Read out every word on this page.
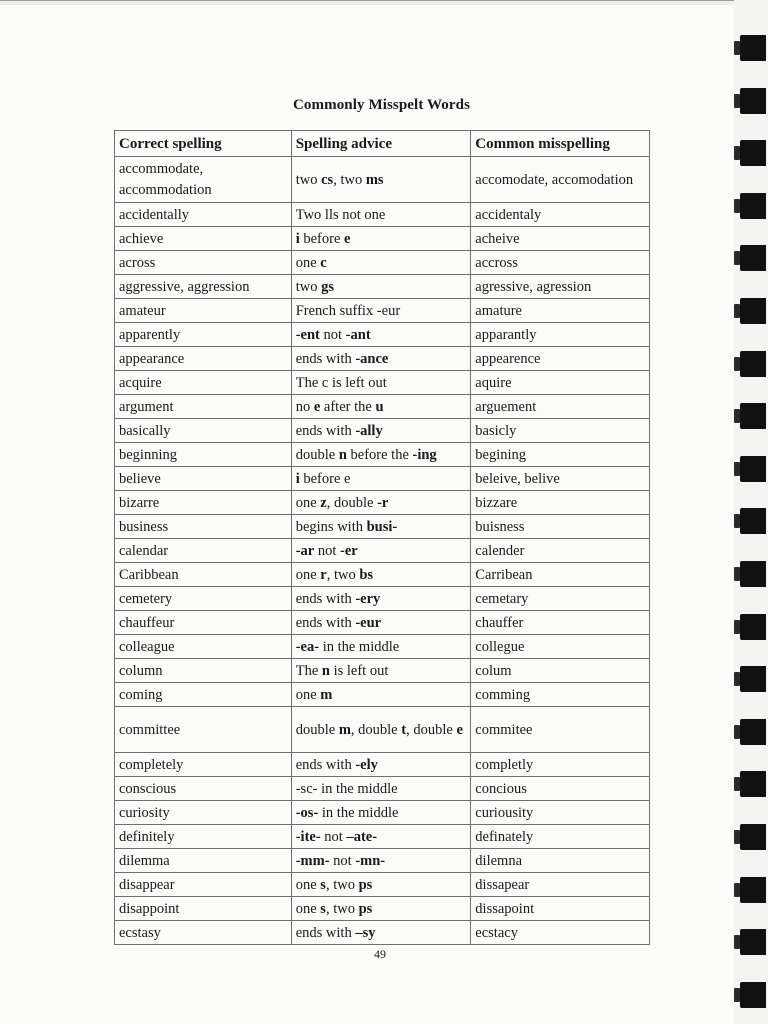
Commonly Misspelt Words
Correct spelling	Spelling advice	Common misspelling
accommodate, accommodation	two cs, two ms	accomodate, accomodation
accidentally	Two lls not one	accidentaly
achieve	i before e	acheive
across	one c	accross
aggressive, aggression	two gs	agressive, agression
amateur	French suffix -eur	amature
apparently	-ent not -ant	apparantly
appearance	ends with -ance	appearence
acquire	The c is left out	aquire
argument	no e after the u	arguement
basically	ends with -ally	basicly
beginning	double n before the -ing	begining
believe	i before e	beleive, belive
bizarre	one z, double -r	bizzare
business	begins with busi-	buisness
calendar	-ar not -er	calender
Caribbean	one r, two bs	Carribean
cemetery	ends with -ery	cemetary
chauffeur	ends with -eur	chauffer
colleague	-ea- in the middle	collegue
column	The n is left out	colum
coming	one m	comming
committee	double m, double t, double e	commitee
completely	ends with -ely	completly
conscious	-sc- in the middle	concious
curiosity	-os- in the middle	curiousity
definitely	-ite- not –ate-	definately
dilemma	-mm- not -mn-	dilemna
disappear	one s, two ps	dissapear
disappoint	one s, two ps	dissapoint
ecstasy	ends with –sy	ecstacy
49
